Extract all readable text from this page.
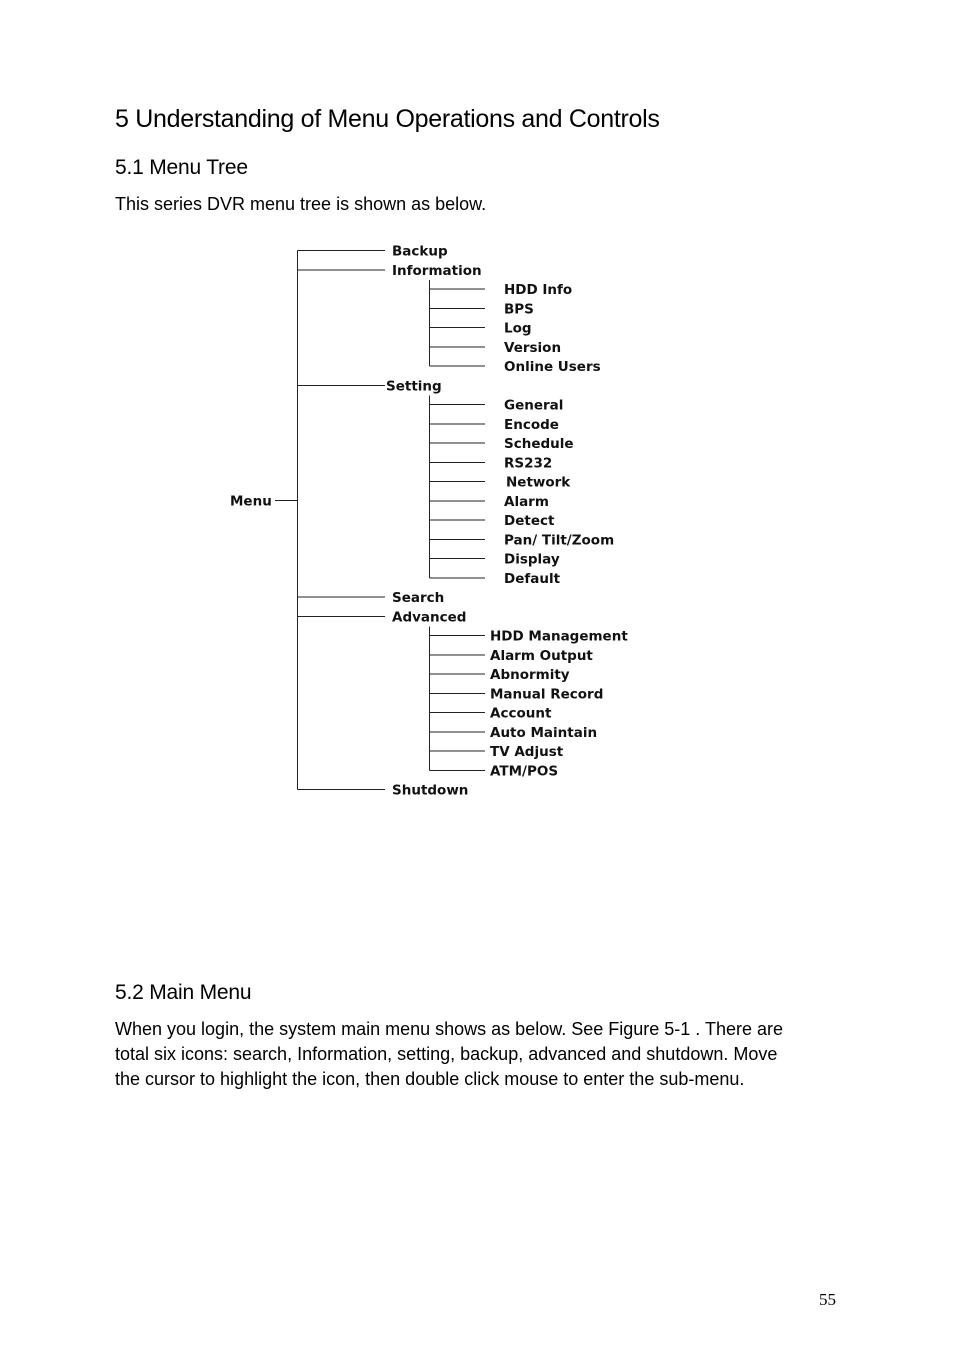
5 Understanding of Menu Operations and Controls
5.1 Menu Tree
This series DVR menu tree is shown as below.
Backup
Information
HDD Info
BPS
Log
Version
Online Users
Setting
General
Encode
Schedule
RS232
Network
Alarm
Detect
Pan/ Tilt/Zoom
Display
Default
Search
Advanced
HDD Management
Alarm Output
Abnormity
Manual Record
Account
Auto Maintain
TV Adjust
ATM/POS
Shutdown
Menu
5.2 Main Menu
When you login, the system main menu shows as below. See Figure 5-1 . There are
total six icons: search, Information, setting, backup, advanced and shutdown. Move
the cursor to highlight the icon, then double click mouse to enter the sub-menu.
55
